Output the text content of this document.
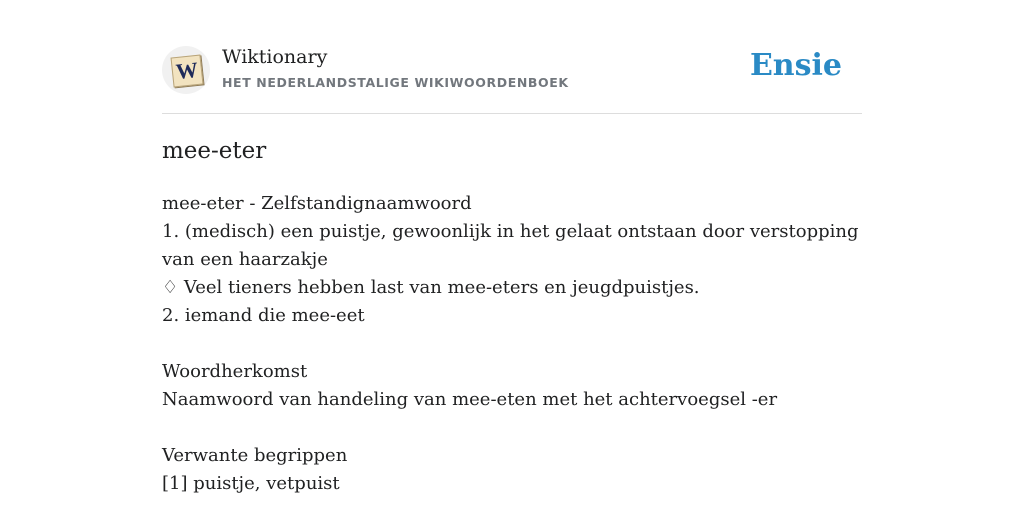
W Wiktionary
HET NEDERLANDSTALIGE WIKIWOORDENBOEK	Ensie
mee-eter
mee-eter - Zelfstandignaamwoord
1. (medisch) een puistje, gewoonlijk in het gelaat ontstaan door verstopping van een haarzakje
♢ Veel tieners hebben last van mee-eters en jeugdpuistjes.
2. iemand die mee-eet
Woordherkomst
Naamwoord van handeling van mee-eten met het achtervoegsel -er
Verwante begrippen
[1] puistje, vetpuist
